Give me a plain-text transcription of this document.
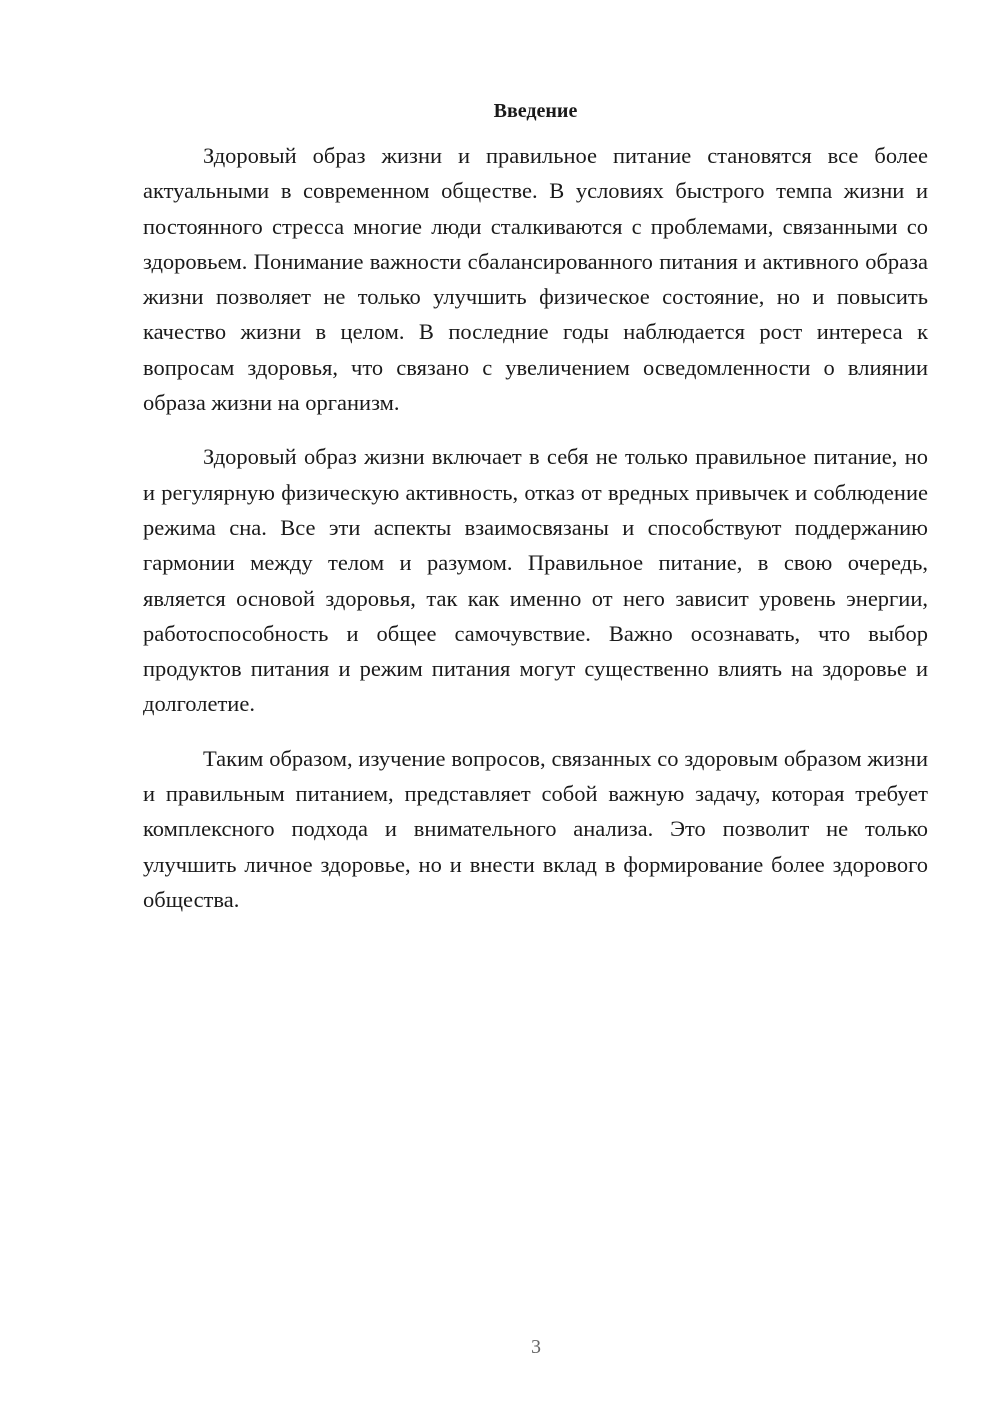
Введение

Здоровый образ жизни и правильное питание становятся все более актуальными в современном обществе. В условиях быстрого темпа жизни и постоянного стресса многие люди сталкиваются с проблемами, связанными со здоровьем. Понимание важности сбалансированного питания и активного образа жизни позволяет не только улучшить физическое состояние, но и повысить качество жизни в целом. В последние годы наблюдается рост интереса к вопросам здоровья, что связано с увеличением осведомленности о влиянии образа жизни на организм.

Здоровый образ жизни включает в себя не только правильное питание, но и регулярную физическую активность, отказ от вредных привычек и соблюдение режима сна. Все эти аспекты взаимосвязаны и способствуют поддержанию гармонии между телом и разумом. Правильное питание, в свою очередь, является основой здоровья, так как именно от него зависит уровень энергии, работоспособность и общее самочувствие. Важно осознавать, что выбор продуктов питания и режим питания могут существенно влиять на здоровье и долголетие.

Таким образом, изучение вопросов, связанных со здоровым образом жизни и правильным питанием, представляет собой важную задачу, которая требует комплексного подхода и внимательного анализа. Это позволит не только улучшить личное здоровье, но и внести вклад в формирование более здорового общества.

3
